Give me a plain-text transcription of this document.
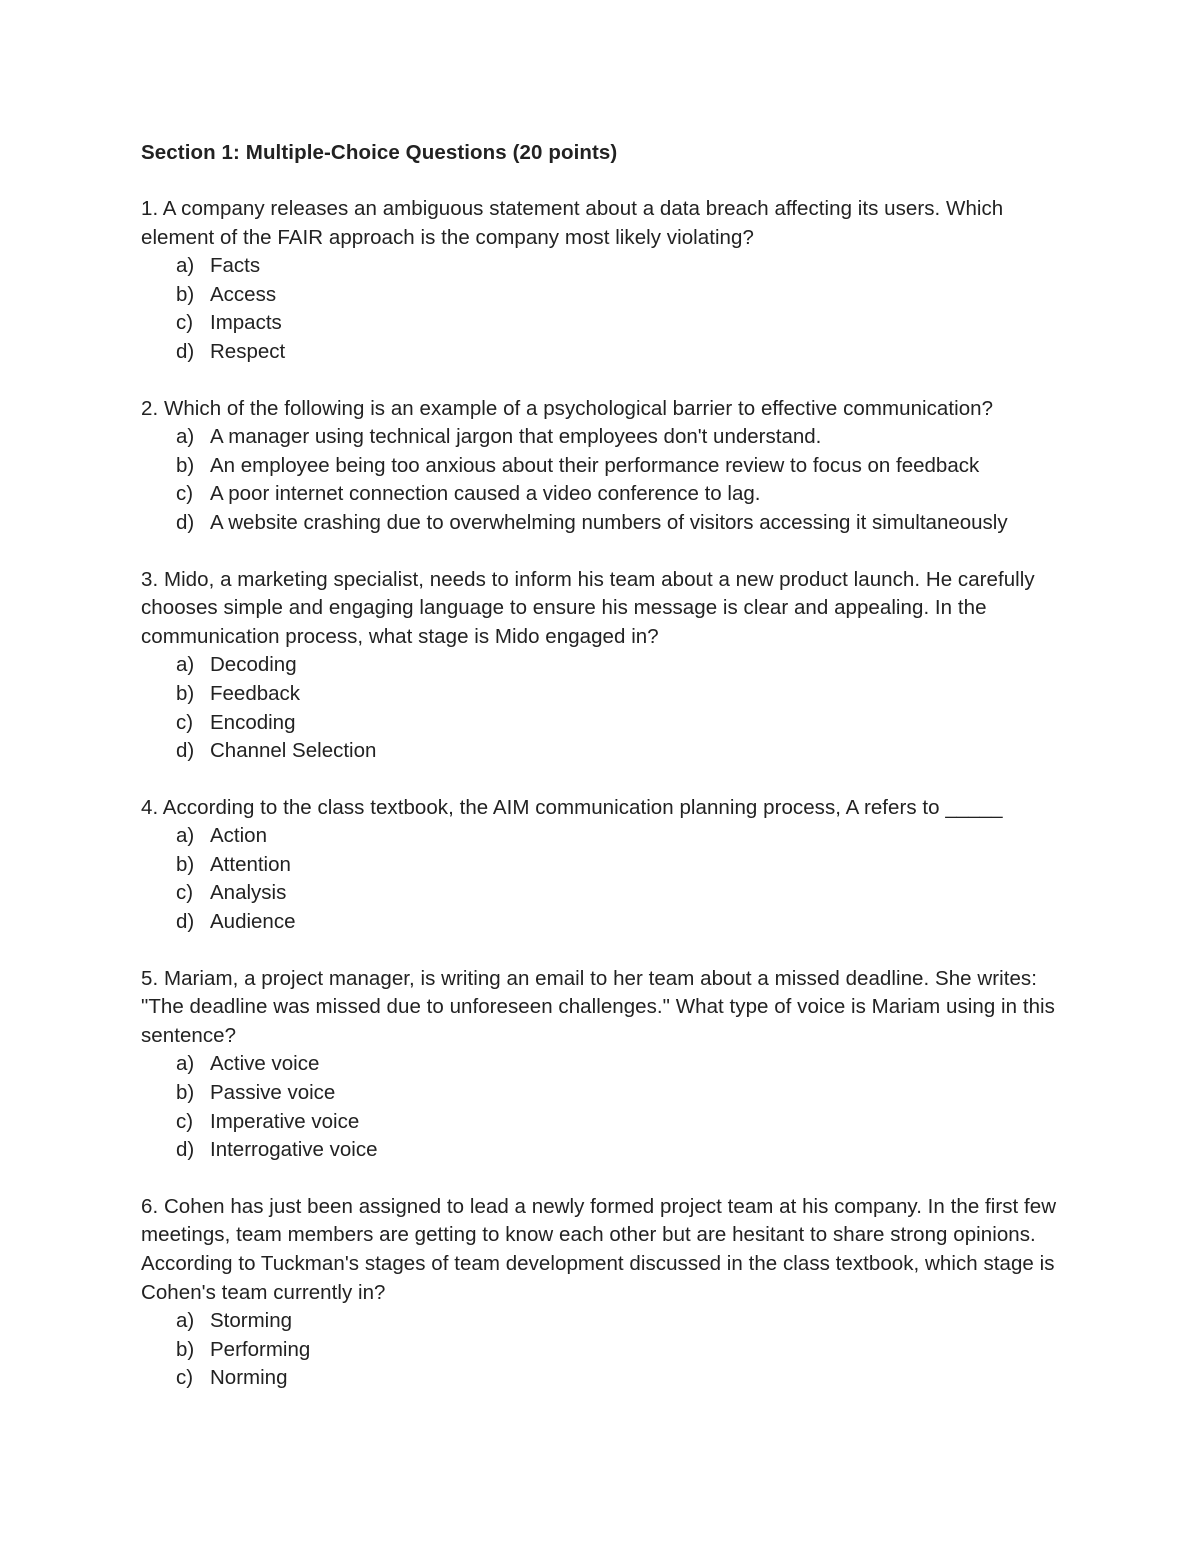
Section 1: Multiple-Choice Questions (20 points)

1. A company releases an ambiguous statement about a data breach affecting its users. Which element of the FAIR approach is the company most likely violating?

a) Facts
b) Access
c) Impacts
d) Respect

2. Which of the following is an example of a psychological barrier to effective communication?

a) A manager using technical jargon that employees don't understand.
b) An employee being too anxious about their performance review to focus on feedback
c) A poor internet connection caused a video conference to lag.
d) A website crashing due to overwhelming numbers of visitors accessing it simultaneously

3. Mido, a marketing specialist, needs to inform his team about a new product launch. He carefully chooses simple and engaging language to ensure his message is clear and appealing. In the communication process, what stage is Mido engaged in?

a) Decoding
b) Feedback
c) Encoding
d) Channel Selection

4. According to the class textbook, the AIM communication planning process, A refers to _____

a) Action
b) Attention
c) Analysis
d) Audience

5. Mariam, a project manager, is writing an email to her team about a missed deadline. She writes: "The deadline was missed due to unforeseen challenges." What type of voice is Mariam using in this sentence?

a) Active voice
b) Passive voice
c) Imperative voice
d) Interrogative voice

6. Cohen has just been assigned to lead a newly formed project team at his company. In the first few meetings, team members are getting to know each other but are hesitant to share strong opinions. According to Tuckman's stages of team development discussed in the class textbook, which stage is Cohen's team currently in?

a) Storming
b) Performing
c) Norming
